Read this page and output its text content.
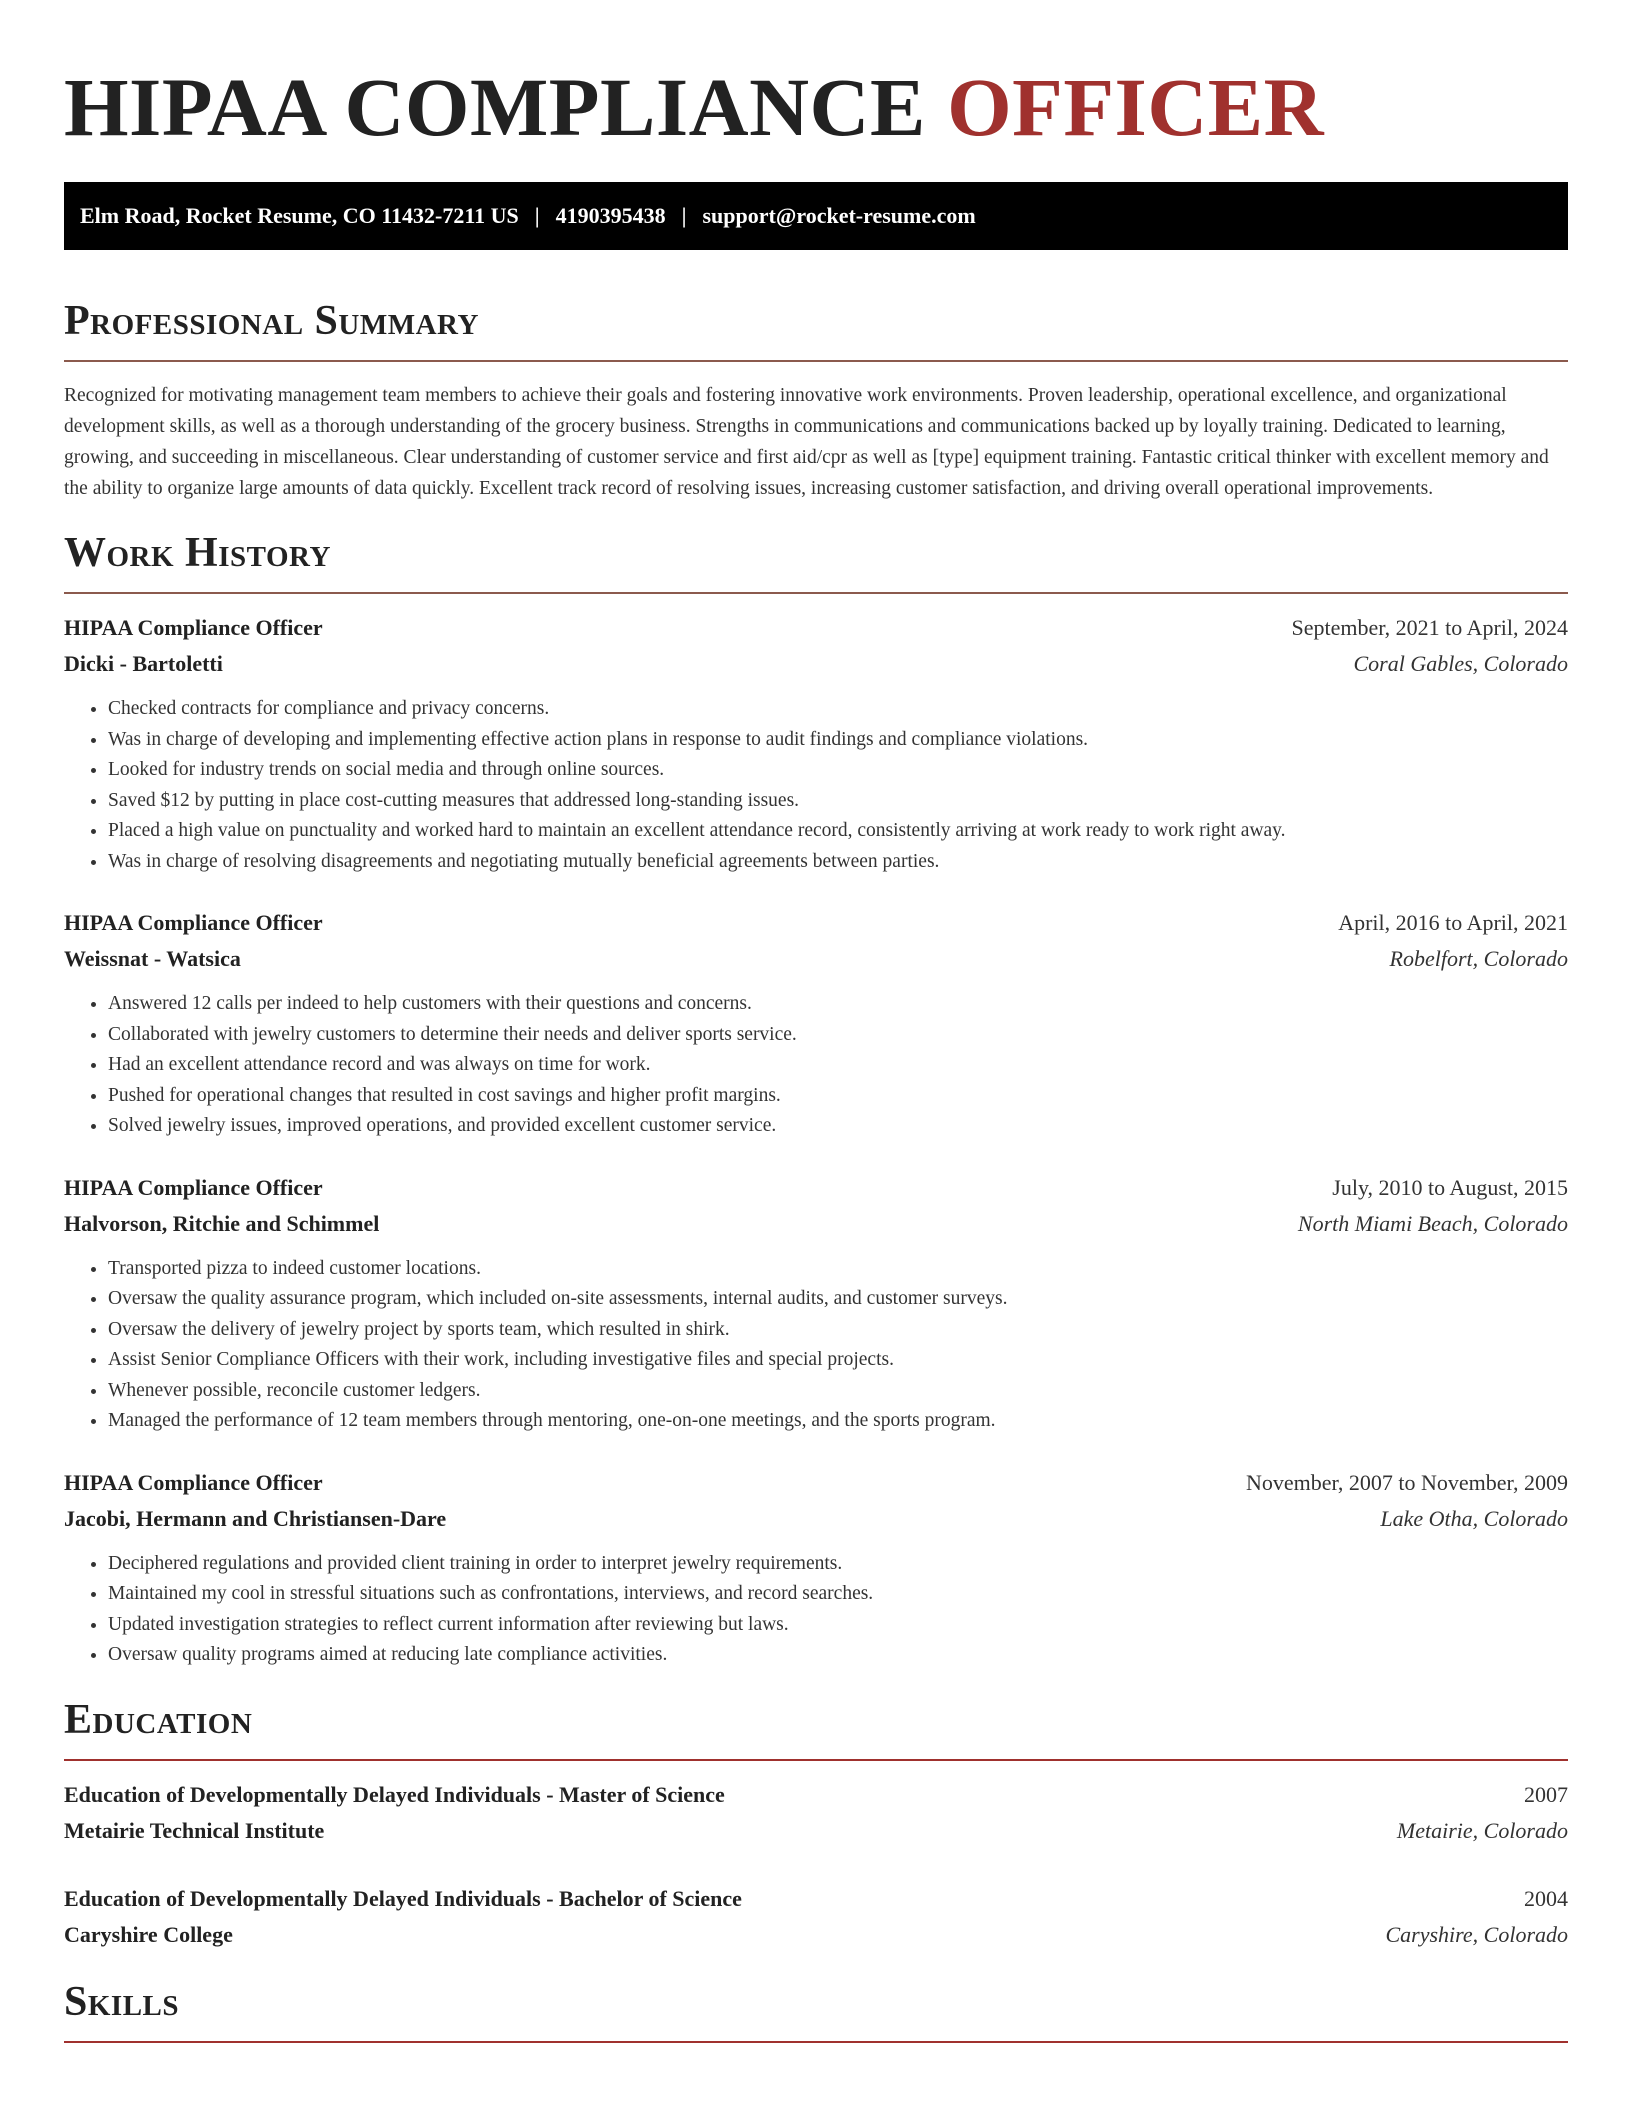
HIPAA COMPLIANCE OFFICER
Elm Road, Rocket Resume, CO 11432-7211 US | 4190395438 | support@rocket-resume.com
Professional Summary

Recognized for motivating management team members to achieve their goals and fostering innovative work environments. Proven leadership, operational excellence, and organizational development skills, as well as a thorough understanding of the grocery business. Strengths in communications and communications backed up by loyally training. Dedicated to learning, growing, and succeeding in miscellaneous. Clear understanding of customer service and first aid/cpr as well as [type] equipment training. Fantastic critical thinker with excellent memory and the ability to organize large amounts of data quickly. Excellent track record of resolving issues, increasing customer satisfaction, and driving overall operational improvements.

Work History
HIPAA Compliance Officer	September, 2021 to April, 2024
Dicki - Bartoletti	Coral Gables, Colorado
• Checked contracts for compliance and privacy concerns.
• Was in charge of developing and implementing effective action plans in response to audit findings and compliance violations.
• Looked for industry trends on social media and through online sources.
• Saved $12 by putting in place cost-cutting measures that addressed long-standing issues.
• Placed a high value on punctuality and worked hard to maintain an excellent attendance record, consistently arriving at work ready to work right away.
• Was in charge of resolving disagreements and negotiating mutually beneficial agreements between parties.
HIPAA Compliance Officer	April, 2016 to April, 2021
Weissnat - Watsica	Robelfort, Colorado
• Answered 12 calls per indeed to help customers with their questions and concerns.
• Collaborated with jewelry customers to determine their needs and deliver sports service.
• Had an excellent attendance record and was always on time for work.
• Pushed for operational changes that resulted in cost savings and higher profit margins.
• Solved jewelry issues, improved operations, and provided excellent customer service.
HIPAA Compliance Officer	July, 2010 to August, 2015
Halvorson, Ritchie and Schimmel	North Miami Beach, Colorado
• Transported pizza to indeed customer locations.
• Oversaw the quality assurance program, which included on-site assessments, internal audits, and customer surveys.
• Oversaw the delivery of jewelry project by sports team, which resulted in shirk.
• Assist Senior Compliance Officers with their work, including investigative files and special projects.
• Whenever possible, reconcile customer ledgers.
• Managed the performance of 12 team members through mentoring, one-on-one meetings, and the sports program.
HIPAA Compliance Officer	November, 2007 to November, 2009
Jacobi, Hermann and Christiansen-Dare	Lake Otha, Colorado
• Deciphered regulations and provided client training in order to interpret jewelry requirements.
• Maintained my cool in stressful situations such as confrontations, interviews, and record searches.
• Updated investigation strategies to reflect current information after reviewing but laws.
• Oversaw quality programs aimed at reducing late compliance activities.
Education
Education of Developmentally Delayed Individuals - Master of Science	2007
Metairie Technical Institute	Metairie, Colorado
Education of Developmentally Delayed Individuals - Bachelor of Science	2004
Caryshire College	Caryshire, Colorado
Skills
